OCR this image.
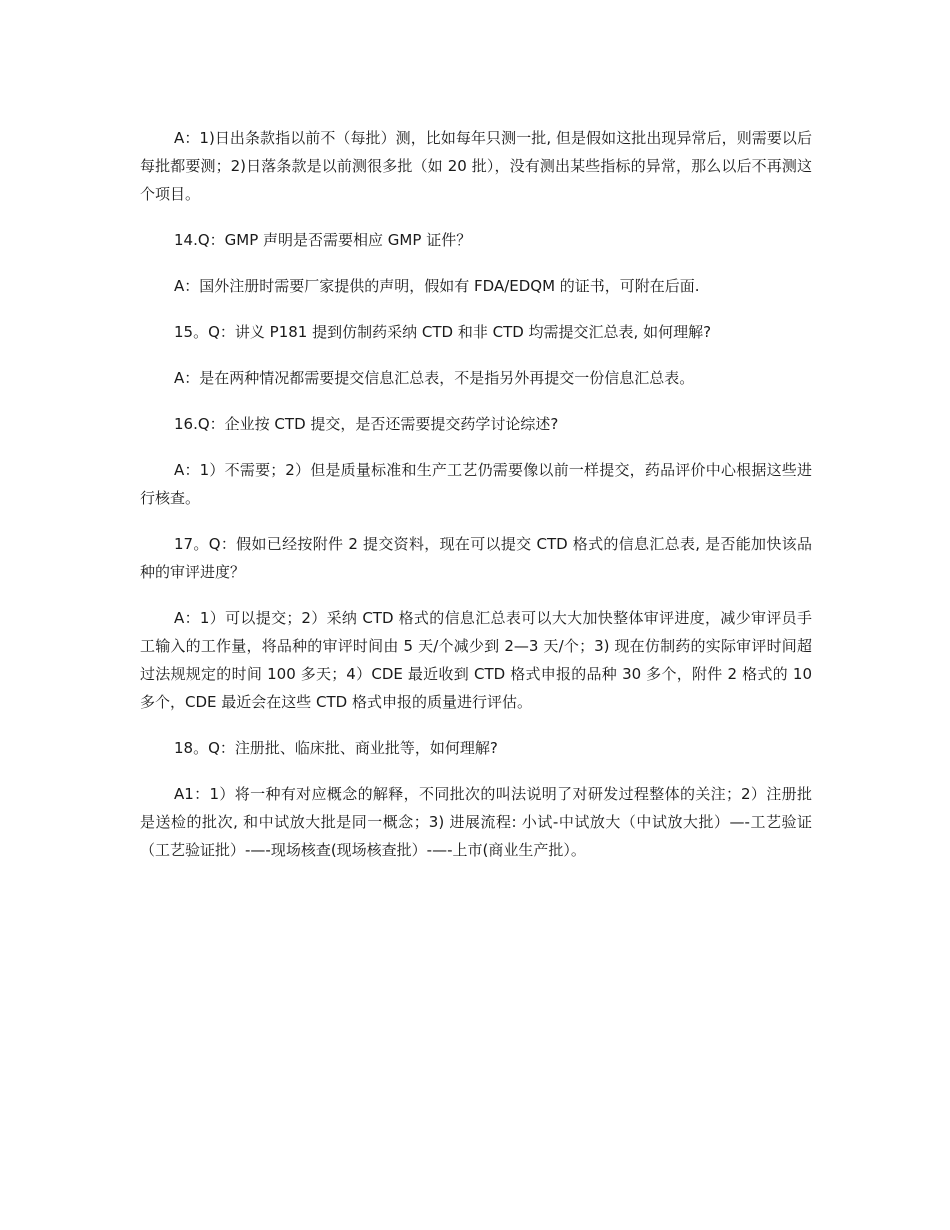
A：1)日出条款指以前不（每批）测，比如每年只测一批, 但是假如这批出现异常后，则需要以后每批都要测；2)日落条款是以前测很多批（如 20 批），没有测出某些指标的异常，那么以后不再测这个项目。

14.Q：GMP 声明是否需要相应 GMP 证件？

A：国外注册时需要厂家提供的声明，假如有 FDA/EDQM 的证书，可附在后面.

15。Q：讲义 P181 提到仿制药采纳 CTD 和非 CTD 均需提交汇总表, 如何理解?

A：是在两种情况都需要提交信息汇总表，不是指另外再提交一份信息汇总表。

16.Q：企业按 CTD 提交，是否还需要提交药学讨论综述?

A：1）不需要；2）但是质量标准和生产工艺仍需要像以前一样提交，药品评价中心根据这些进行核查。

17。Q：假如已经按附件 2 提交资料，现在可以提交 CTD 格式的信息汇总表, 是否能加快该品种的审评进度？

A：1）可以提交；2）采纳 CTD 格式的信息汇总表可以大大加快整体审评进度，减少审评员手工输入的工作量，将品种的审评时间由 5 天/个减少到 2—3 天/个；3) 现在仿制药的实际审评时间超过法规规定的时间 100 多天；4）CDE 最近收到 CTD 格式申报的品种 30 多个，附件 2 格式的 10 多个，CDE 最近会在这些 CTD 格式申报的质量进行评估。

18。Q：注册批、临床批、商业批等，如何理解?

A1：1）将一种有对应概念的解释，不同批次的叫法说明了对研发过程整体的关注；2）注册批是送检的批次, 和中试放大批是同一概念；3) 进展流程: 小试-中试放大（中试放大批）—-工艺验证（工艺验证批）-—-现场核查(现场核查批）-—-上市(商业生产批）。
